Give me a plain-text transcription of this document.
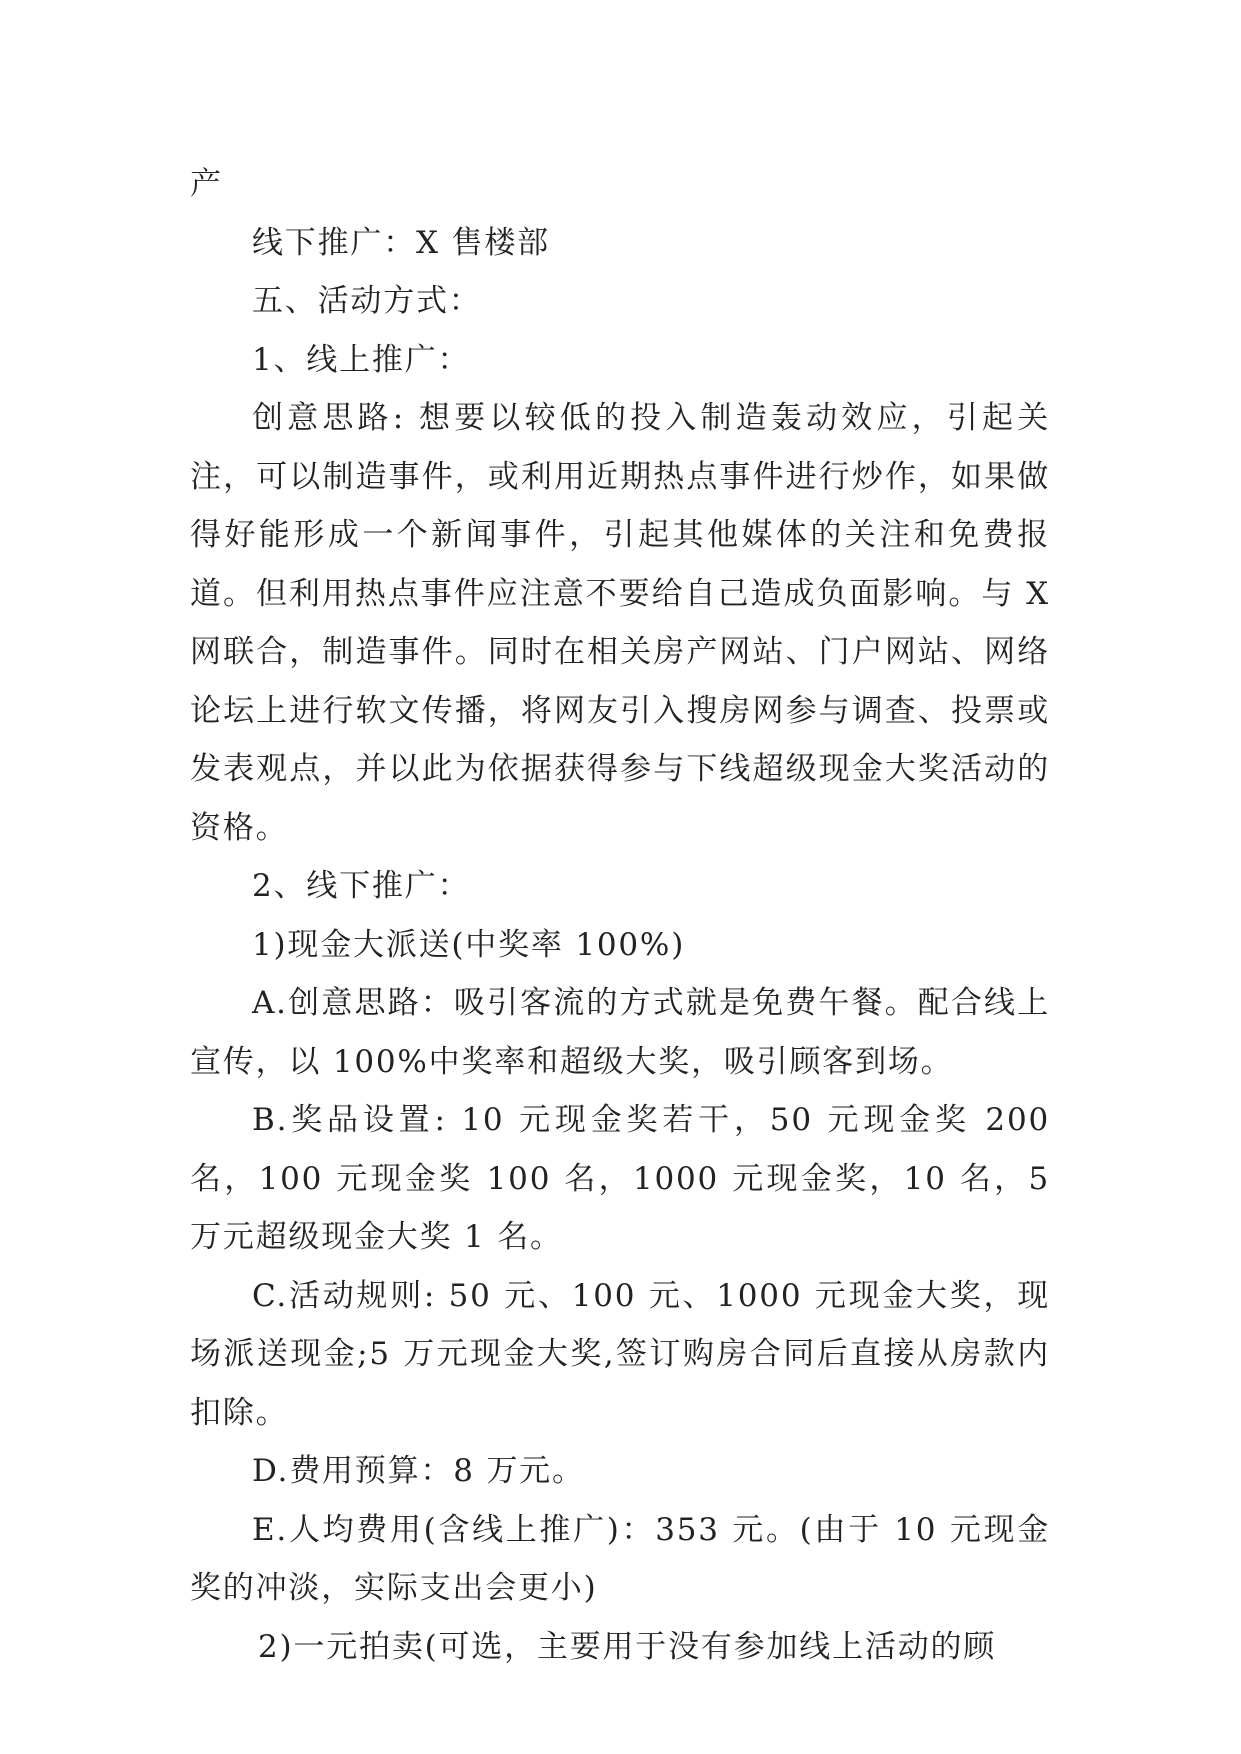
产

线下推广：X 售楼部

五、活动方式：

1、线上推广：

创意思路: 想要以较低的投入制造轰动效应，引起关注，可以制造事件，或利用近期热点事件进行炒作，如果做得好能形成一个新闻事件，引起其他媒体的关注和免费报道。但利用热点事件应注意不要给自己造成负面影响。与 X 网联合，制造事件。同时在相关房产网站、门户网站、网络论坛上进行软文传播，将网友引入搜房网参与调查、投票或发表观点，并以此为依据获得参与下线超级现金大奖活动的资格。

2、线下推广：

1)现金大派送(中奖率 100%)

A.创意思路：吸引客流的方式就是免费午餐。配合线上宣传，以 100%中奖率和超级大奖，吸引顾客到场。

B.奖品设置: 10 元现金奖若干，50 元现金奖 200 名，100 元现金奖 100 名，1000 元现金奖，10 名，5 万元超级现金大奖 1 名。

C.活动规则: 50 元、100 元、1000 元现金大奖，现场派送现金;5 万元现金大奖,签订购房合同后直接从房款内扣除。

D.费用预算：8 万元。

E.人均费用(含线上推广)：353 元。(由于 10 元现金奖的冲淡，实际支出会更小)

2)一元拍卖(可选，主要用于没有参加线上活动的顾
